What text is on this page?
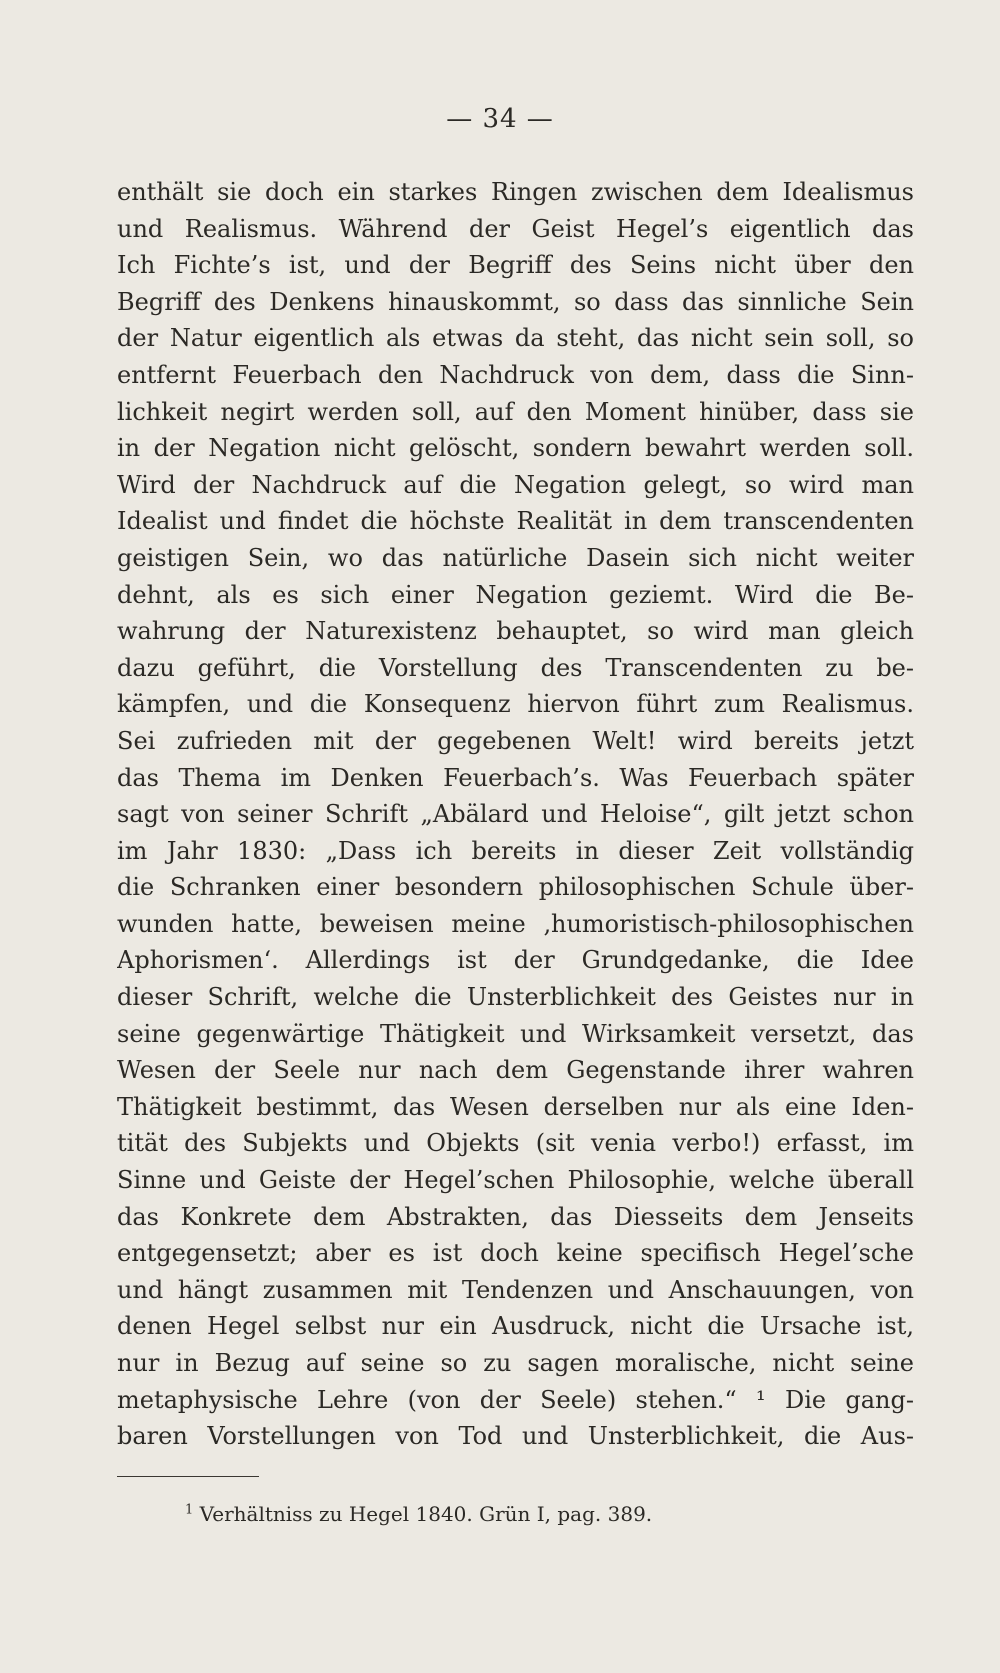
— 34 —
enthält sie doch ein starkes Ringen zwischen dem Idealismus
und Realismus. Während der Geist Hegel’s eigentlich das
Ich Fichte’s ist, und der Begriff des Seins nicht über den
Begriff des Denkens hinauskommt, so dass das sinnliche Sein
der Natur eigentlich als etwas da steht, das nicht sein soll, so
entfernt Feuerbach den Nachdruck von dem, dass die Sinn-
lichkeit negirt werden soll, auf den Moment hinüber, dass sie
in der Negation nicht gelöscht, sondern bewahrt werden soll.
Wird der Nachdruck auf die Negation gelegt, so wird man
Idealist und findet die höchste Realität in dem transcendenten
geistigen Sein, wo das natürliche Dasein sich nicht weiter
dehnt, als es sich einer Negation geziemt. Wird die Be-
wahrung der Naturexistenz behauptet, so wird man gleich
dazu geführt, die Vorstellung des Transcendenten zu be-
kämpfen, und die Konsequenz hiervon führt zum Realismus.
Sei zufrieden mit der gegebenen Welt! wird bereits jetzt
das Thema im Denken Feuerbach’s. Was Feuerbach später
sagt von seiner Schrift „Abälard und Heloise“, gilt jetzt schon
im Jahr 1830: „Dass ich bereits in dieser Zeit vollständig
die Schranken einer besondern philosophischen Schule über-
wunden hatte, beweisen meine ‚humoristisch-philosophischen
Aphorismen‘. Allerdings ist der Grundgedanke, die Idee
dieser Schrift, welche die Unsterblichkeit des Geistes nur in
seine gegenwärtige Thätigkeit und Wirksamkeit versetzt, das
Wesen der Seele nur nach dem Gegenstande ihrer wahren
Thätigkeit bestimmt, das Wesen derselben nur als eine Iden-
tität des Subjekts und Objekts (sit venia verbo!) erfasst, im
Sinne und Geiste der Hegel’schen Philosophie, welche überall
das Konkrete dem Abstrakten, das Diesseits dem Jenseits
entgegensetzt; aber es ist doch keine specifisch Hegel’sche
und hängt zusammen mit Tendenzen und Anschauungen, von
denen Hegel selbst nur ein Ausdruck, nicht die Ursache ist,
nur in Bezug auf seine so zu sagen moralische, nicht seine
metaphysische Lehre (von der Seele) stehen.“ ¹ Die gang-
baren Vorstellungen von Tod und Unsterblichkeit, die Aus-
$^1$ Verhältniss zu Hegel 1840. Grün I, pag. 389.
